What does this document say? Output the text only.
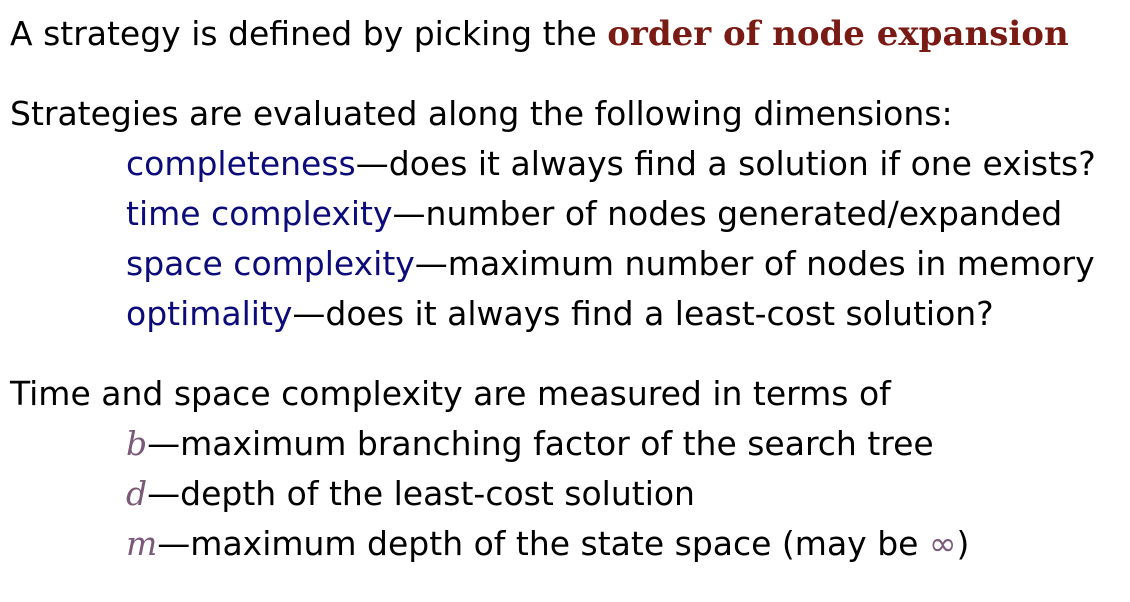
A strategy is defined by picking the order of node expansion
Strategies are evaluated along the following dimensions:
completeness—does it always find a solution if one exists?
time complexity—number of nodes generated/expanded
space complexity—maximum number of nodes in memory
optimality—does it always find a least-cost solution?
Time and space complexity are measured in terms of
b—maximum branching factor of the search tree
d—depth of the least-cost solution
m—maximum depth of the state space (may be ∞)
